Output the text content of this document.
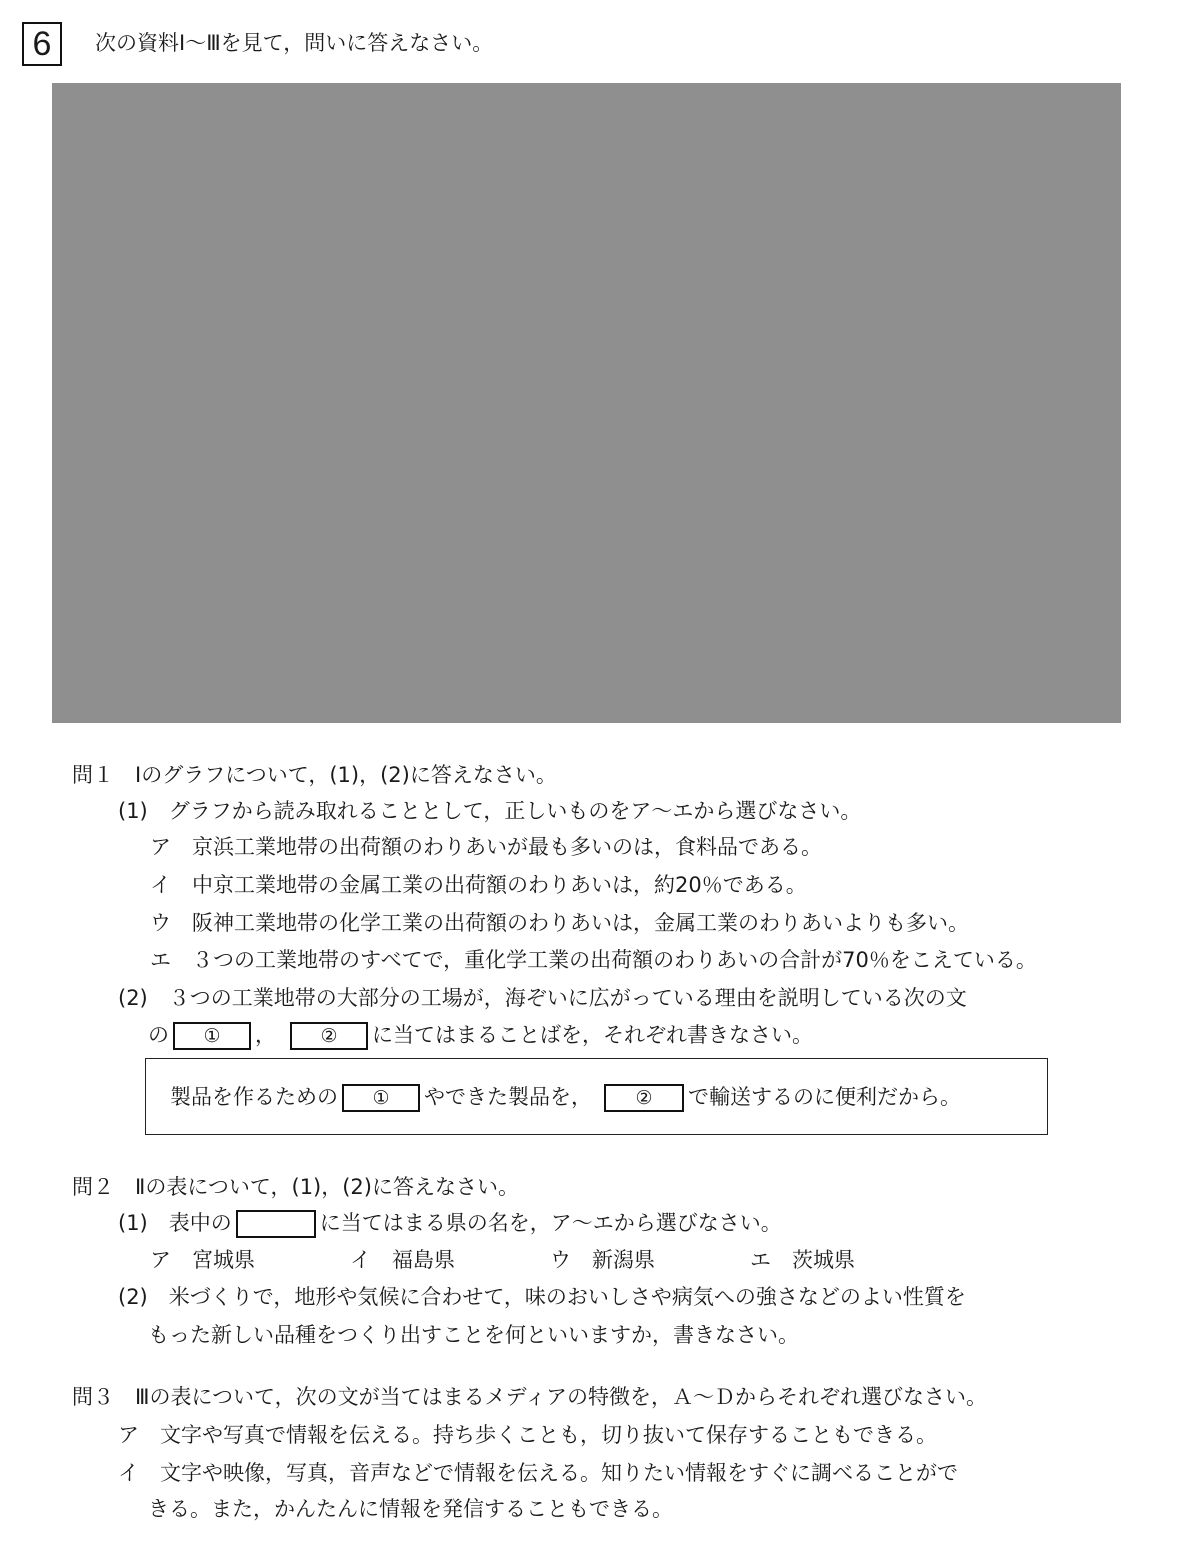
6	次の資料Ⅰ～Ⅲを見て，問いに答えなさい。
問１　Ⅰのグラフについて，(1)，(2)に答えなさい。
(1)　グラフから読み取れることとして，正しいものをア～エから選びなさい。
ア　京浜工業地帯の出荷額のわりあいが最も多いのは，食料品である。
イ　中京工業地帯の金属工業の出荷額のわりあいは，約20％である。
ウ　阪神工業地帯の化学工業の出荷額のわりあいは，金属工業のわりあいよりも多い。
エ　３つの工業地帯のすべてで，重化学工業の出荷額のわりあいの合計が70％をこえている。
(2)　３つの工業地帯の大部分の工場が，海ぞいに広がっている理由を説明している次の文
の ① ， ② に当てはまることばを，それぞれ書きなさい。
製品を作るための ① やできた製品を， ② で輸送するのに便利だから。
問２　Ⅱの表について，(1)，(2)に答えなさい。
(1)　表中の	に当てはまる県の名を，ア～エから選びなさい。
ア　宮城県	イ　福島県	ウ　新潟県	エ　茨城県
(2)　米づくりで，地形や気候に合わせて，味のおいしさや病気への強さなどのよい性質を
もった新しい品種をつくり出すことを何といいますか，書きなさい。
問３　Ⅲの表について，次の文が当てはまるメディアの特徴を，Ａ～Ｄからそれぞれ選びなさい。
ア　文字や写真で情報を伝える。持ち歩くことも，切り抜いて保存することもできる。
イ　文字や映像，写真，音声などで情報を伝える。知りたい情報をすぐに調べることがで
きる。また，かんたんに情報を発信することもできる。
